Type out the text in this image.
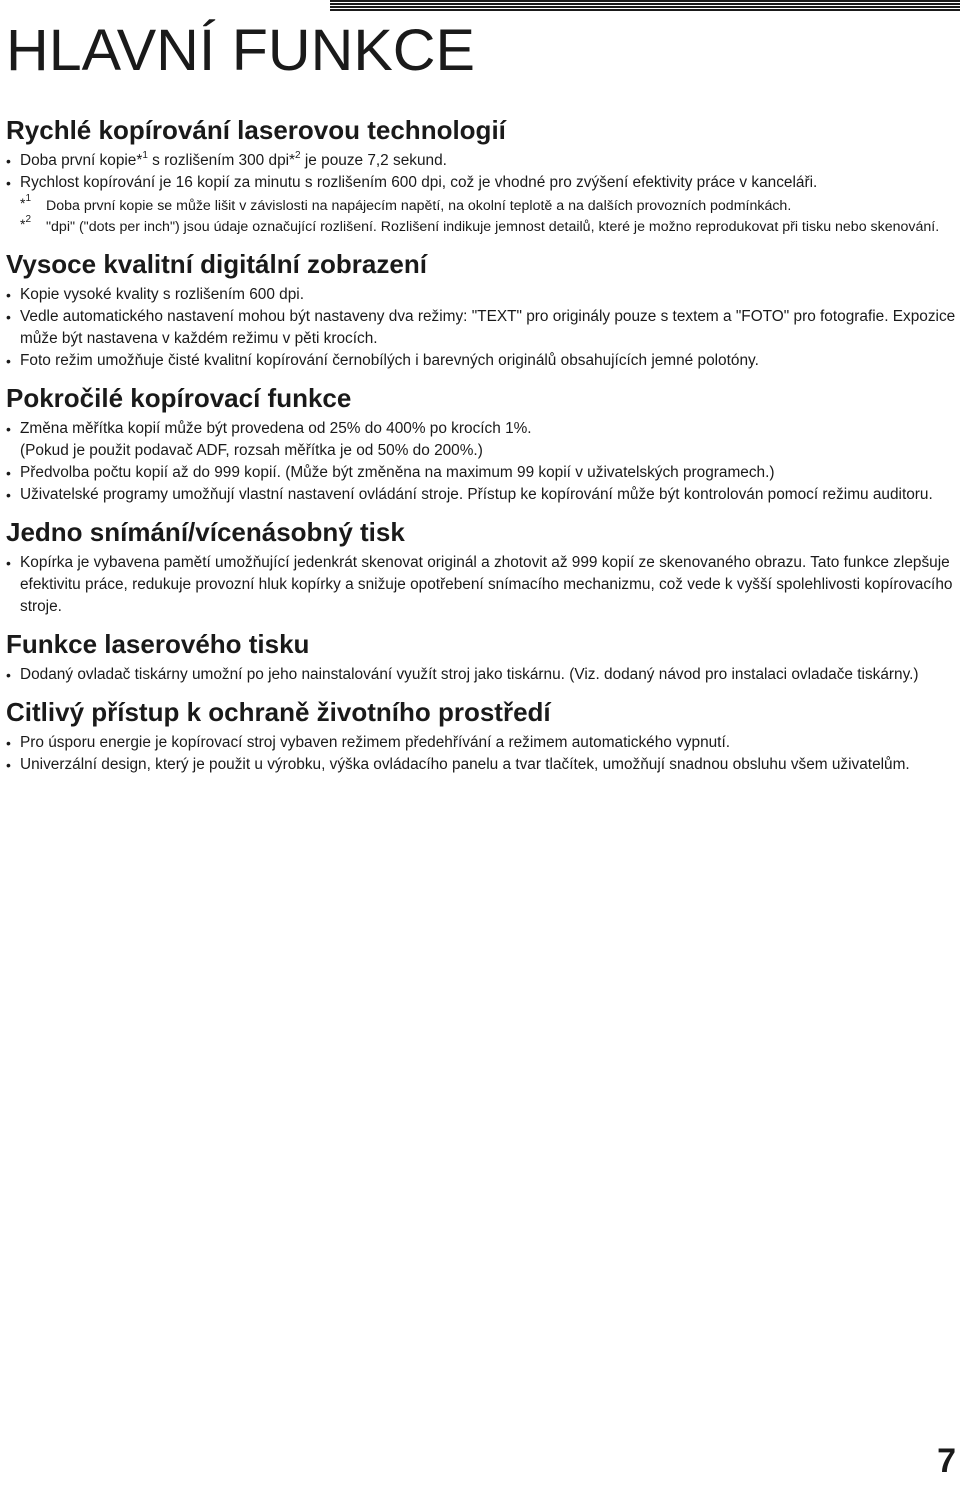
HLAVNÍ FUNKCE
Rychlé kopírování laserovou technologií
• Doba první kopie*$^1$ s rozlišením 300 dpi*$^2$ je pouze 7,2 sekund.
• Rychlost kopírování je 16 kopií za minutu s rozlišením 600 dpi, což je vhodné pro zvýšení efektivity práce v kanceláři.
*$^1$ Doba první kopie se může lišit v závislosti na napájecím napětí, na okolní teplotě a na dalších provozních podmínkách.
*$^2$ "dpi" ("dots per inch") jsou údaje označující rozlišení. Rozlišení indikuje jemnost detailů, které je možno reprodukovat při tisku nebo skenování.
Vysoce kvalitní digitální zobrazení
• Kopie vysoké kvality s rozlišením 600 dpi.
• Vedle automatického nastavení mohou být nastaveny dva režimy: "TEXT" pro originály pouze s textem a "FOTO" pro fotografie. Expozice může být nastavena v každém režimu v pěti krocích.
• Foto režim umožňuje čisté kvalitní kopírování černobílých i barevných originálů obsahujících jemné polotóny.
Pokročilé kopírovací funkce
• Změna měřítka kopií může být provedena od 25% do 400% po krocích 1%.
(Pokud je použit podavač ADF, rozsah měřítka je od 50% do 200%.)
• Předvolba počtu kopií až do 999 kopií. (Může být změněna na maximum 99 kopií v uživatelských programech.)
• Uživatelské programy umožňují vlastní nastavení ovládání stroje. Přístup ke kopírování může být kontrolován pomocí režimu auditoru.
Jedno snímání/vícenásobný tisk
• Kopírka je vybavena pamětí umožňující jedenkrát skenovat originál a zhotovit až 999 kopií ze skenovaného obrazu. Tato funkce zlepšuje efektivitu práce, redukuje provozní hluk kopírky a snižuje opotřebení snímacího mechanizmu, což vede k vyšší spolehlivosti kopírovacího stroje.
Funkce laserového tisku
• Dodaný ovladač tiskárny umožní po jeho nainstalování využít stroj jako tiskárnu. (Viz. dodaný návod pro instalaci ovladače tiskárny.)
Citlivý přístup k ochraně životního prostředí
• Pro úsporu energie je kopírovací stroj vybaven režimem předehřívání a režimem automatického vypnutí.
• Univerzální design, který je použit u výrobku, výška ovládacího panelu a tvar tlačítek, umožňují snadnou obsluhu všem uživatelům.
7
